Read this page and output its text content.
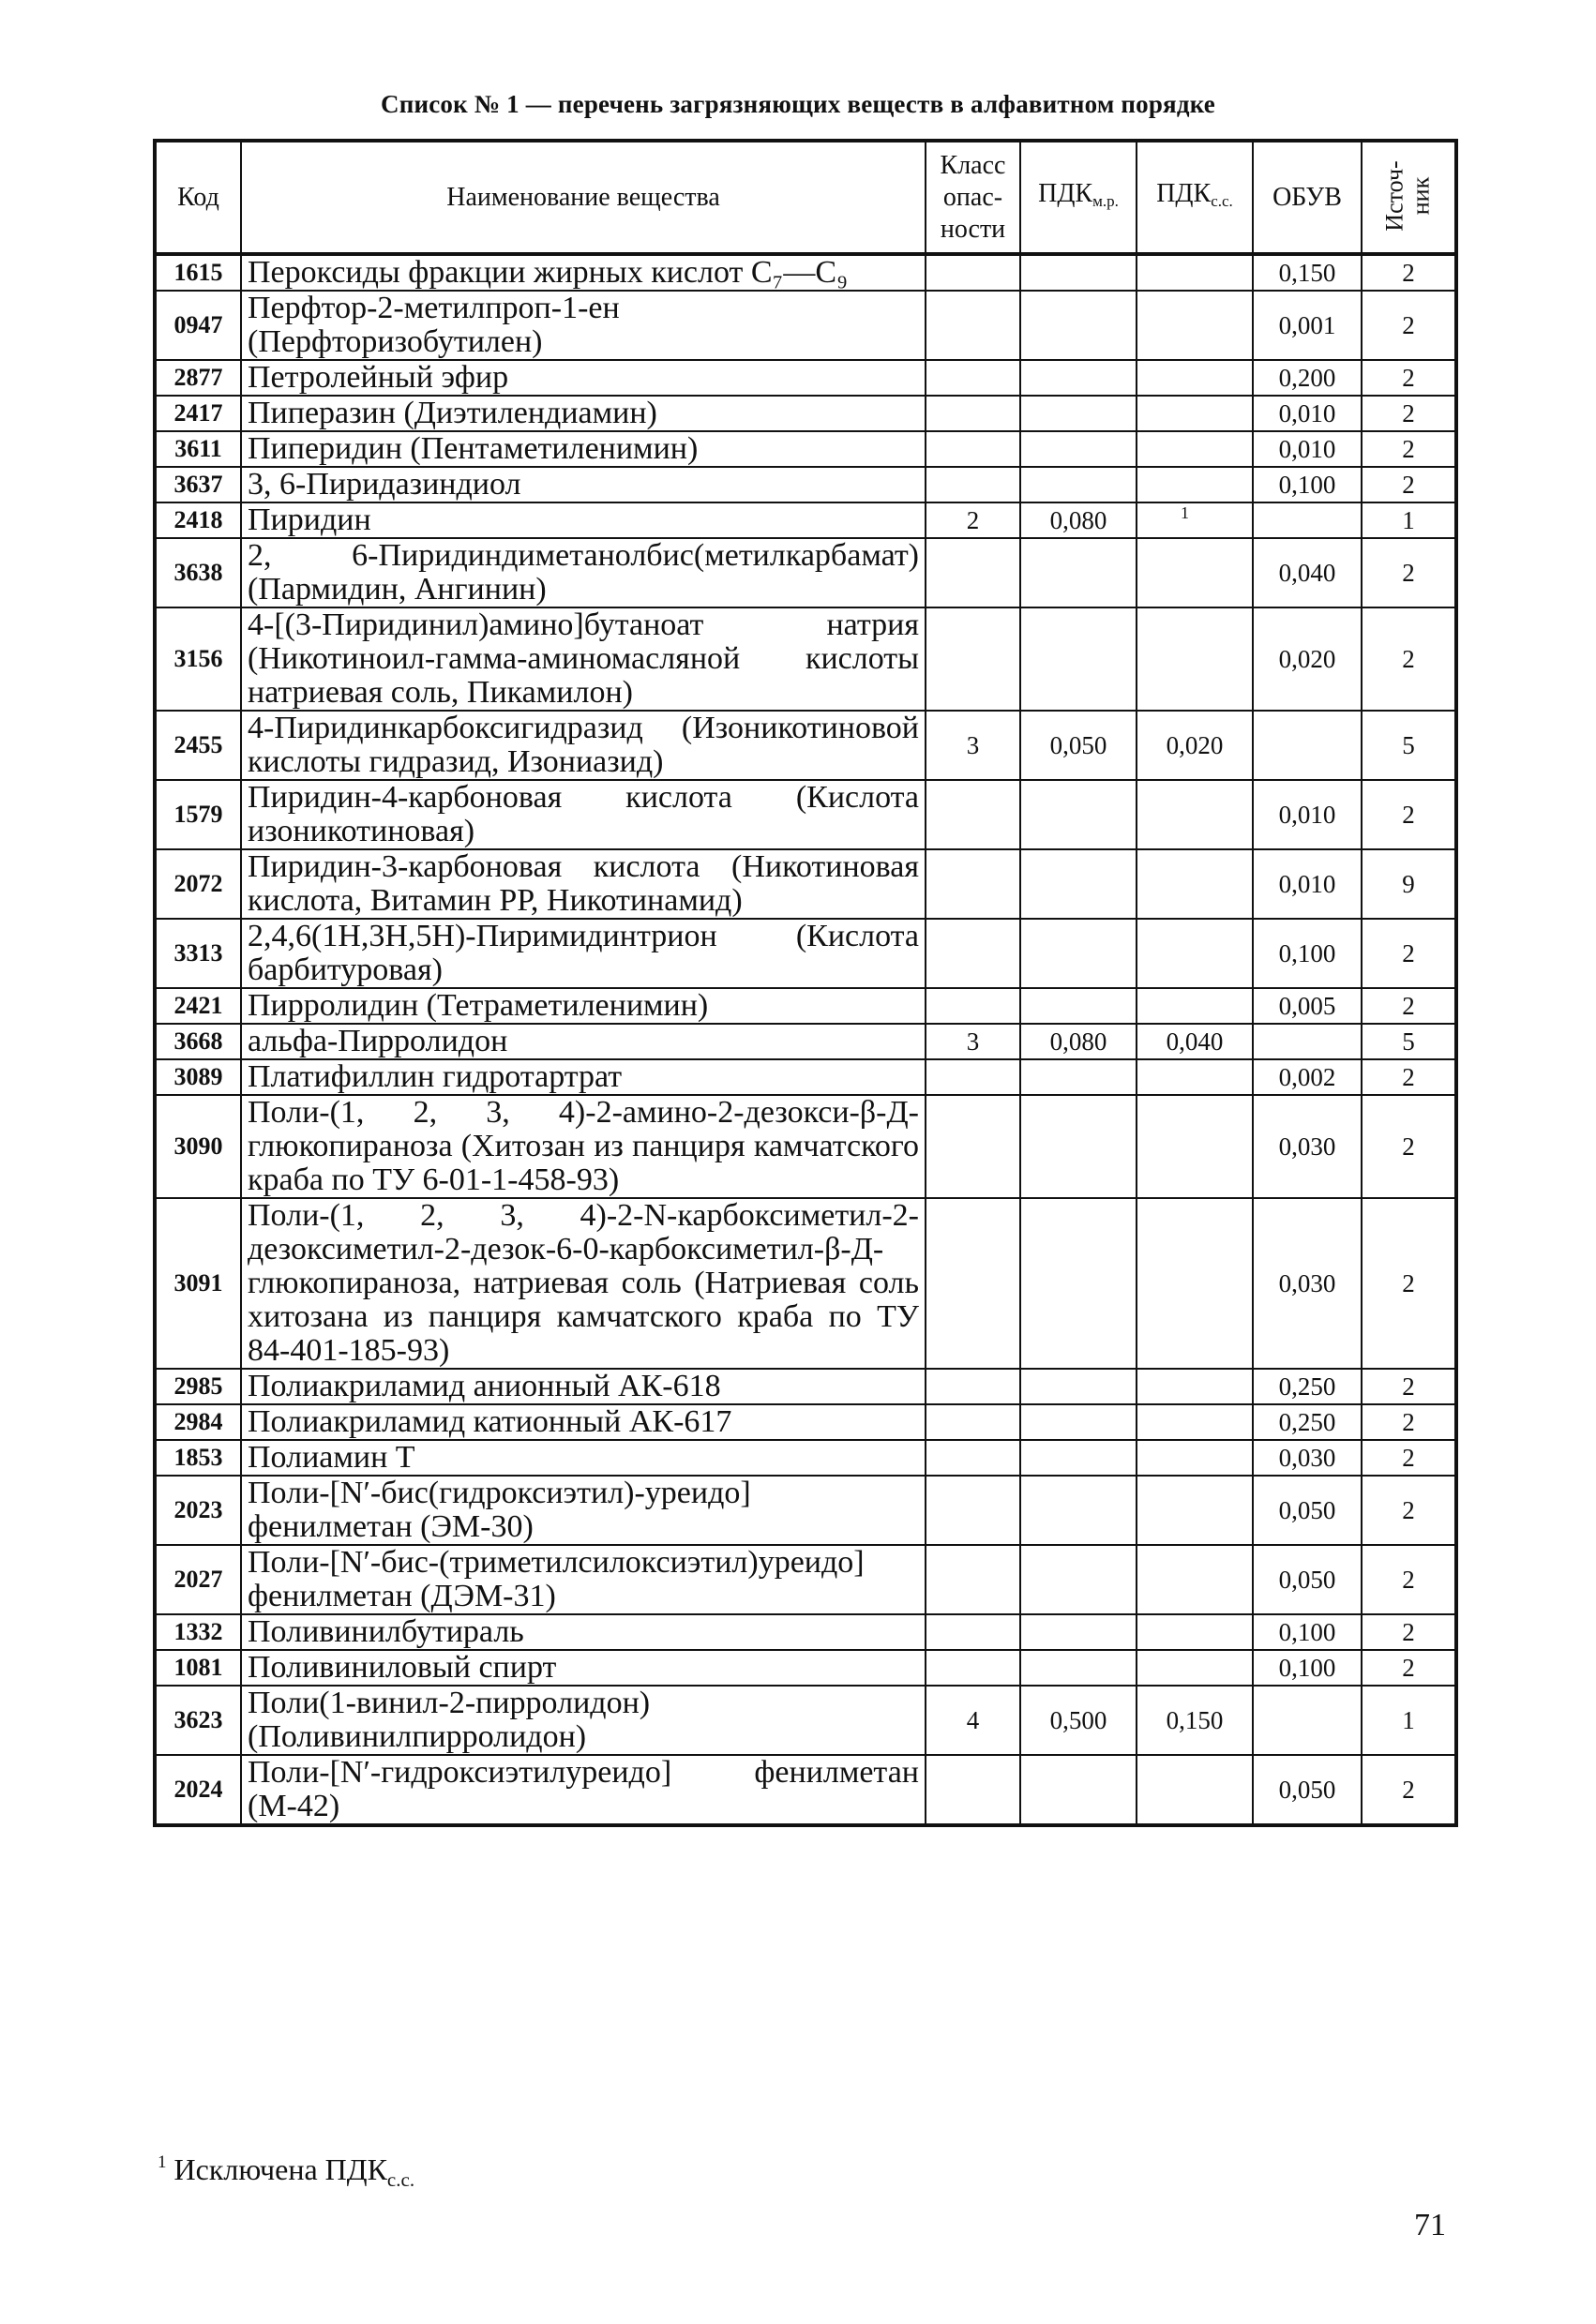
Список № 1 — перечень загрязняющих веществ в алфавитном порядке
Код	Наименование вещества	Класс
опас-
ности	$ПДК_{м.р.}$	$ПДК_{с.с.}$	ОБУВ	Источ-
ник
1615	Пероксиды фракции жирных кислот С₇—С₉				0,150	2
0947	Перфтор-2-метилпроп-1-ен (Перфторизобутилен)				0,001	2
2877	Петролейный эфир				0,200	2
2417	Пиперазин (Диэтилендиамин)				0,010	2
3611	Пиперидин (Пентаметиленимин)				0,010	2
3637	3, 6-Пиридазиндиол				0,100	2
2418	Пиридин	2	0,080	1		1
3638	2, 6-Пиридиндиметанолбис(метилкарбамат) (Пармидин, Ангинин)				0,040	2
3156	4-[(3-Пиридинил)амино]бутаноат натрия (Никотиноил-гамма-аминомасляной кислоты натриевая соль, Пикамилон)				0,020	2
2455	4-Пиридинкарбоксигидразид (Изоникотиновой кислоты гидразид, Изониазид)	3	0,050	0,020		5
1579	Пиридин-4-карбоновая кислота (Кислота изоникотиновая)				0,010	2
2072	Пиридин-3-карбоновая кислота (Никотиновая кислота, Витамин РР, Никотинамид)				0,010	9
3313	2,4,6(1Н,3Н,5Н)-Пиримидинтрион (Кислота барбитуровая)				0,100	2
2421	Пирролидин (Тетраметиленимин)				0,005	2
3668	альфа-Пирролидон	3	0,080	0,040		5
3089	Платифиллин гидротартрат				0,002	2
3090	Поли-(1, 2, 3, 4)-2-амино-2-дезокси-β-Д-глюкопираноза (Хитозан из панциря камчатского краба по ТУ 6-01-1-458-93)				0,030	2
3091	Поли-(1, 2, 3, 4)-2-N-карбоксиметил-2-дезоксиметил-2-дезок-6-0-карбоксиметил-β-Д-глюкопираноза, натриевая соль (Натриевая соль хитозана из панциря камчатского краба по ТУ 84-401-185-93)				0,030	2
2985	Полиакриламид анионный АК-618				0,250	2
2984	Полиакриламид катионный АК-617				0,250	2
1853	Полиамин Т				0,030	2
2023	Поли-[N′-бис(гидроксиэтил)-уреидо] фенилметан (ЭМ-30)				0,050	2
2027	Поли-[N′-бис-(триметилсилоксиэтил)уреидо] фенилметан (ДЭМ-31)				0,050	2
1332	Поливинилбутираль				0,100	2
1081	Поливиниловый спирт				0,100	2
3623	Поли(1-винил-2-пирролидон) (Поливинилпирролидон)	4	0,500	0,150		1
2024	Поли-[N′-гидроксиэтилуреидо] фенилметан (М-42)				0,050	2
$^1$ Исключена $ПДК_{с.с.}$
71
